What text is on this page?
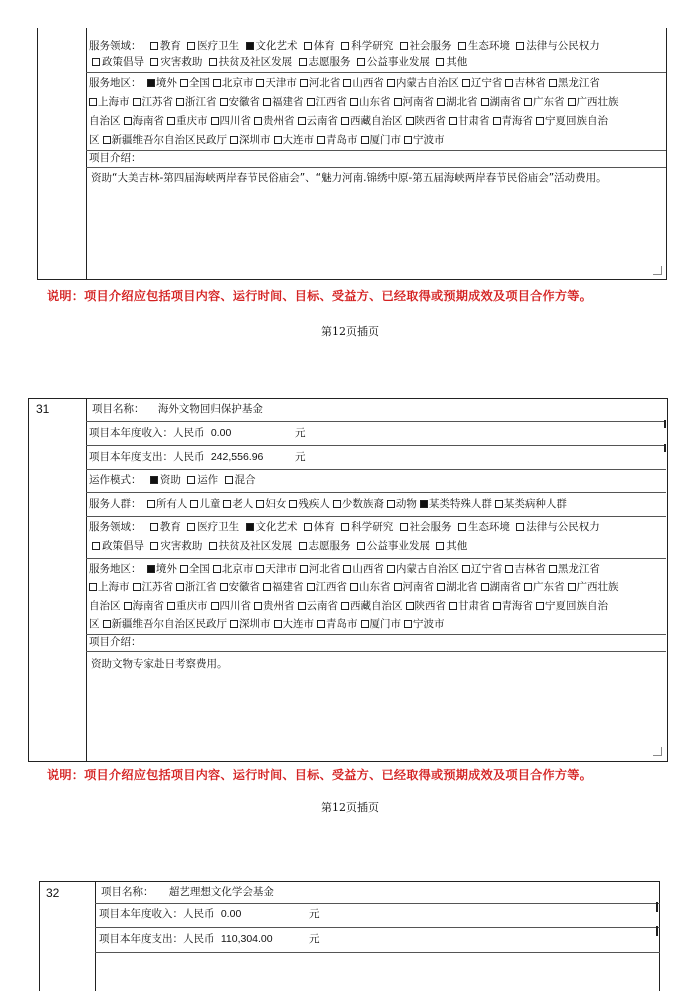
服务领域： 教育 医疗卫生 文化艺术 体育 科学研究 社会服务 生态环境 法律与公民权力
政策倡导 灾害救助 扶贫及社区发展 志愿服务 公益事业发展 其他
服务地区： 境外 全国 北京市 天津市 河北省 山西省 内蒙古自治区 辽宁省 吉林省 黑龙江省
上海市 江苏省 浙江省 安徽省 福建省 江西省 山东省 河南省 湖北省 湖南省 广东省 广西壮族
自治区 海南省 重庆市 四川省 贵州省 云南省 西藏自治区 陕西省 甘肃省 青海省 宁夏回族自治
区 新疆维吾尔自治区民政厅 深圳市 大连市 青岛市 厦门市 宁波市
项目介绍：
资助“大美吉林-第四届海峡两岸春节民俗庙会”、“魅力河南.锦绣中原-第五届海峡两岸春节民俗庙会”活动费用。
说明：项目介绍应包括项目内容、运行时间、目标、受益方、已经取得或预期成效及项目合作方等。
第12页插页
31	项目名称： 海外文物回归保护基金
项目本年度收入：人民币 0.00	元
项目本年度支出：人民币 242,556.96	元
运作模式： 资助 运作 混合
服务人群： 所有人 儿童 老人 妇女 残疾人 少数族裔 动物 某类特殊人群 某类病种人群
服务领域： 教育 医疗卫生 文化艺术 体育 科学研究 社会服务 生态环境 法律与公民权力
政策倡导 灾害救助 扶贫及社区发展 志愿服务 公益事业发展 其他
服务地区： 境外 全国 北京市 天津市 河北省 山西省 内蒙古自治区 辽宁省 吉林省 黑龙江省
上海市 江苏省 浙江省 安徽省 福建省 江西省 山东省 河南省 湖北省 湖南省 广东省 广西壮族
自治区 海南省 重庆市 四川省 贵州省 云南省 西藏自治区 陕西省 甘肃省 青海省 宁夏回族自治
区 新疆维吾尔自治区民政厅 深圳市 大连市 青岛市 厦门市 宁波市
项目介绍：
资助文物专家赴日考察费用。
说明：项目介绍应包括项目内容、运行时间、目标、受益方、已经取得或预期成效及项目合作方等。
第12页插页
32	项目名称： 超艺理想文化学会基金
项目本年度收入：人民币 0.00	元
项目本年度支出：人民币 110,304.00	元
